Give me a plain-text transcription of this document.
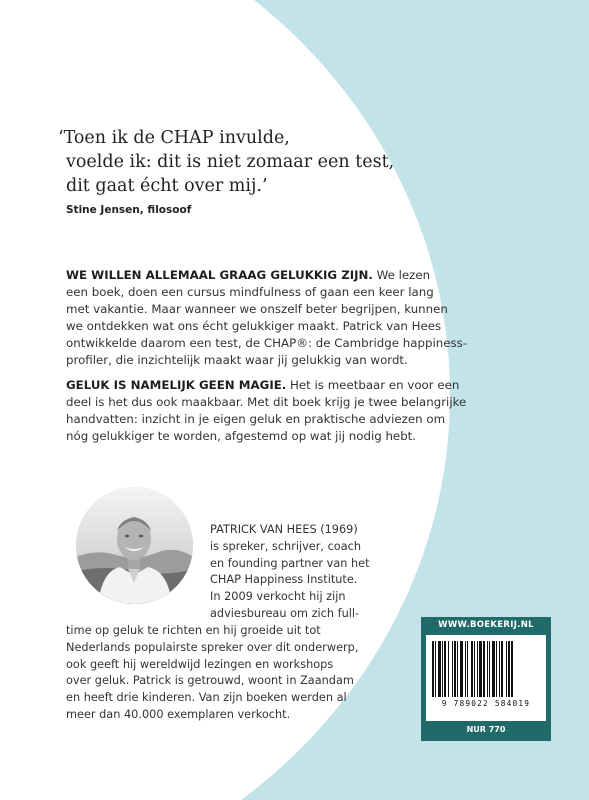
‘Toen ik de CHAP invulde,
voelde ik: dit is niet zomaar een test,
dit gaat écht over mij.’
Stine Jensen, filosoof
WE WILLEN ALLEMAAL GRAAG GELUKKIG ZIJN. We lezen
een boek, doen een cursus mindfulness of gaan een keer lang
met vakantie. Maar wanneer we onszelf beter begrijpen, kunnen
we ontdekken wat ons écht gelukkiger maakt. Patrick van Hees
ontwikkelde daarom een test, de CHAP®: de Cambridge happiness-
profiler, die inzichtelijk maakt waar jij gelukkig van wordt.
GELUK IS NAMELIJK GEEN MAGIE. Het is meetbaar en voor een
deel is het dus ook maakbaar. Met dit boek krijg je twee belangrijke
handvatten: inzicht in je eigen geluk en praktische adviezen om
nóg gelukkiger te worden, afgestemd op wat jij nodig hebt.
PATRICK VAN HEES (1969)
is spreker, schrijver, coach
en founding partner van het
CHAP Happiness Institute.
In 2009 verkocht hij zijn
adviesbureau om zich full-
time op geluk te richten en hij groeide uit tot
Nederlands populairste spreker over dit onderwerp,
ook geeft hij wereldwijd lezingen en workshops
over geluk. Patrick is getrouwd, woont in Zaandam
en heeft drie kinderen. Van zijn boeken werden al
meer dan 40.000 exemplaren verkocht.
WWW.BOEKERIJ.NL
9 789022 584019
NUR 770
